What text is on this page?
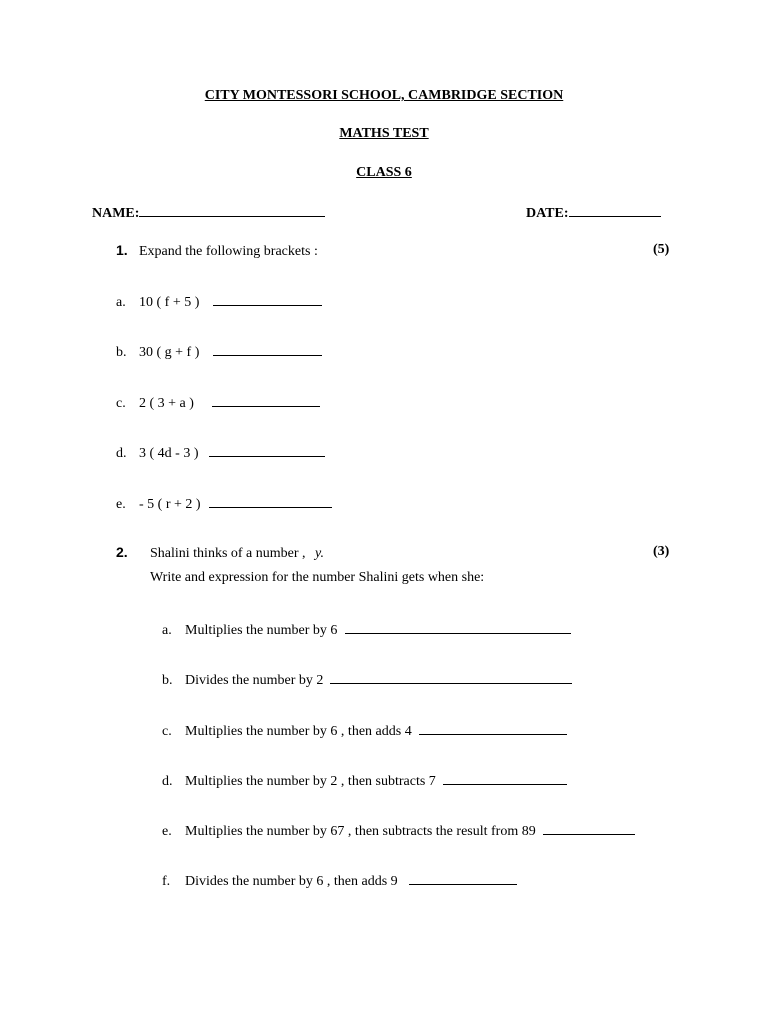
CITY MONTESSORI SCHOOL, CAMBRIDGE SECTION
MATHS TEST
CLASS 6
NAME:	DATE:
1. Expand the following brackets :	(5)
a. 10 ( f + 5 )
b. 30 ( g + f )
c. 2 ( 3 + a )
d. 3 ( 4d - 3 )
e. - 5 ( r + 2 )
2. Shalini thinks of a number , y.	(3)
Write and expression for the number Shalini gets when she:
a. Multiplies the number by 6
b. Divides the number by 2
c. Multiplies the number by 6 , then adds 4
d. Multiplies the number by 2 , then subtracts 7
e. Multiplies the number by 67 , then subtracts the result from 89
f. Divides the number by 6 , then adds 9
